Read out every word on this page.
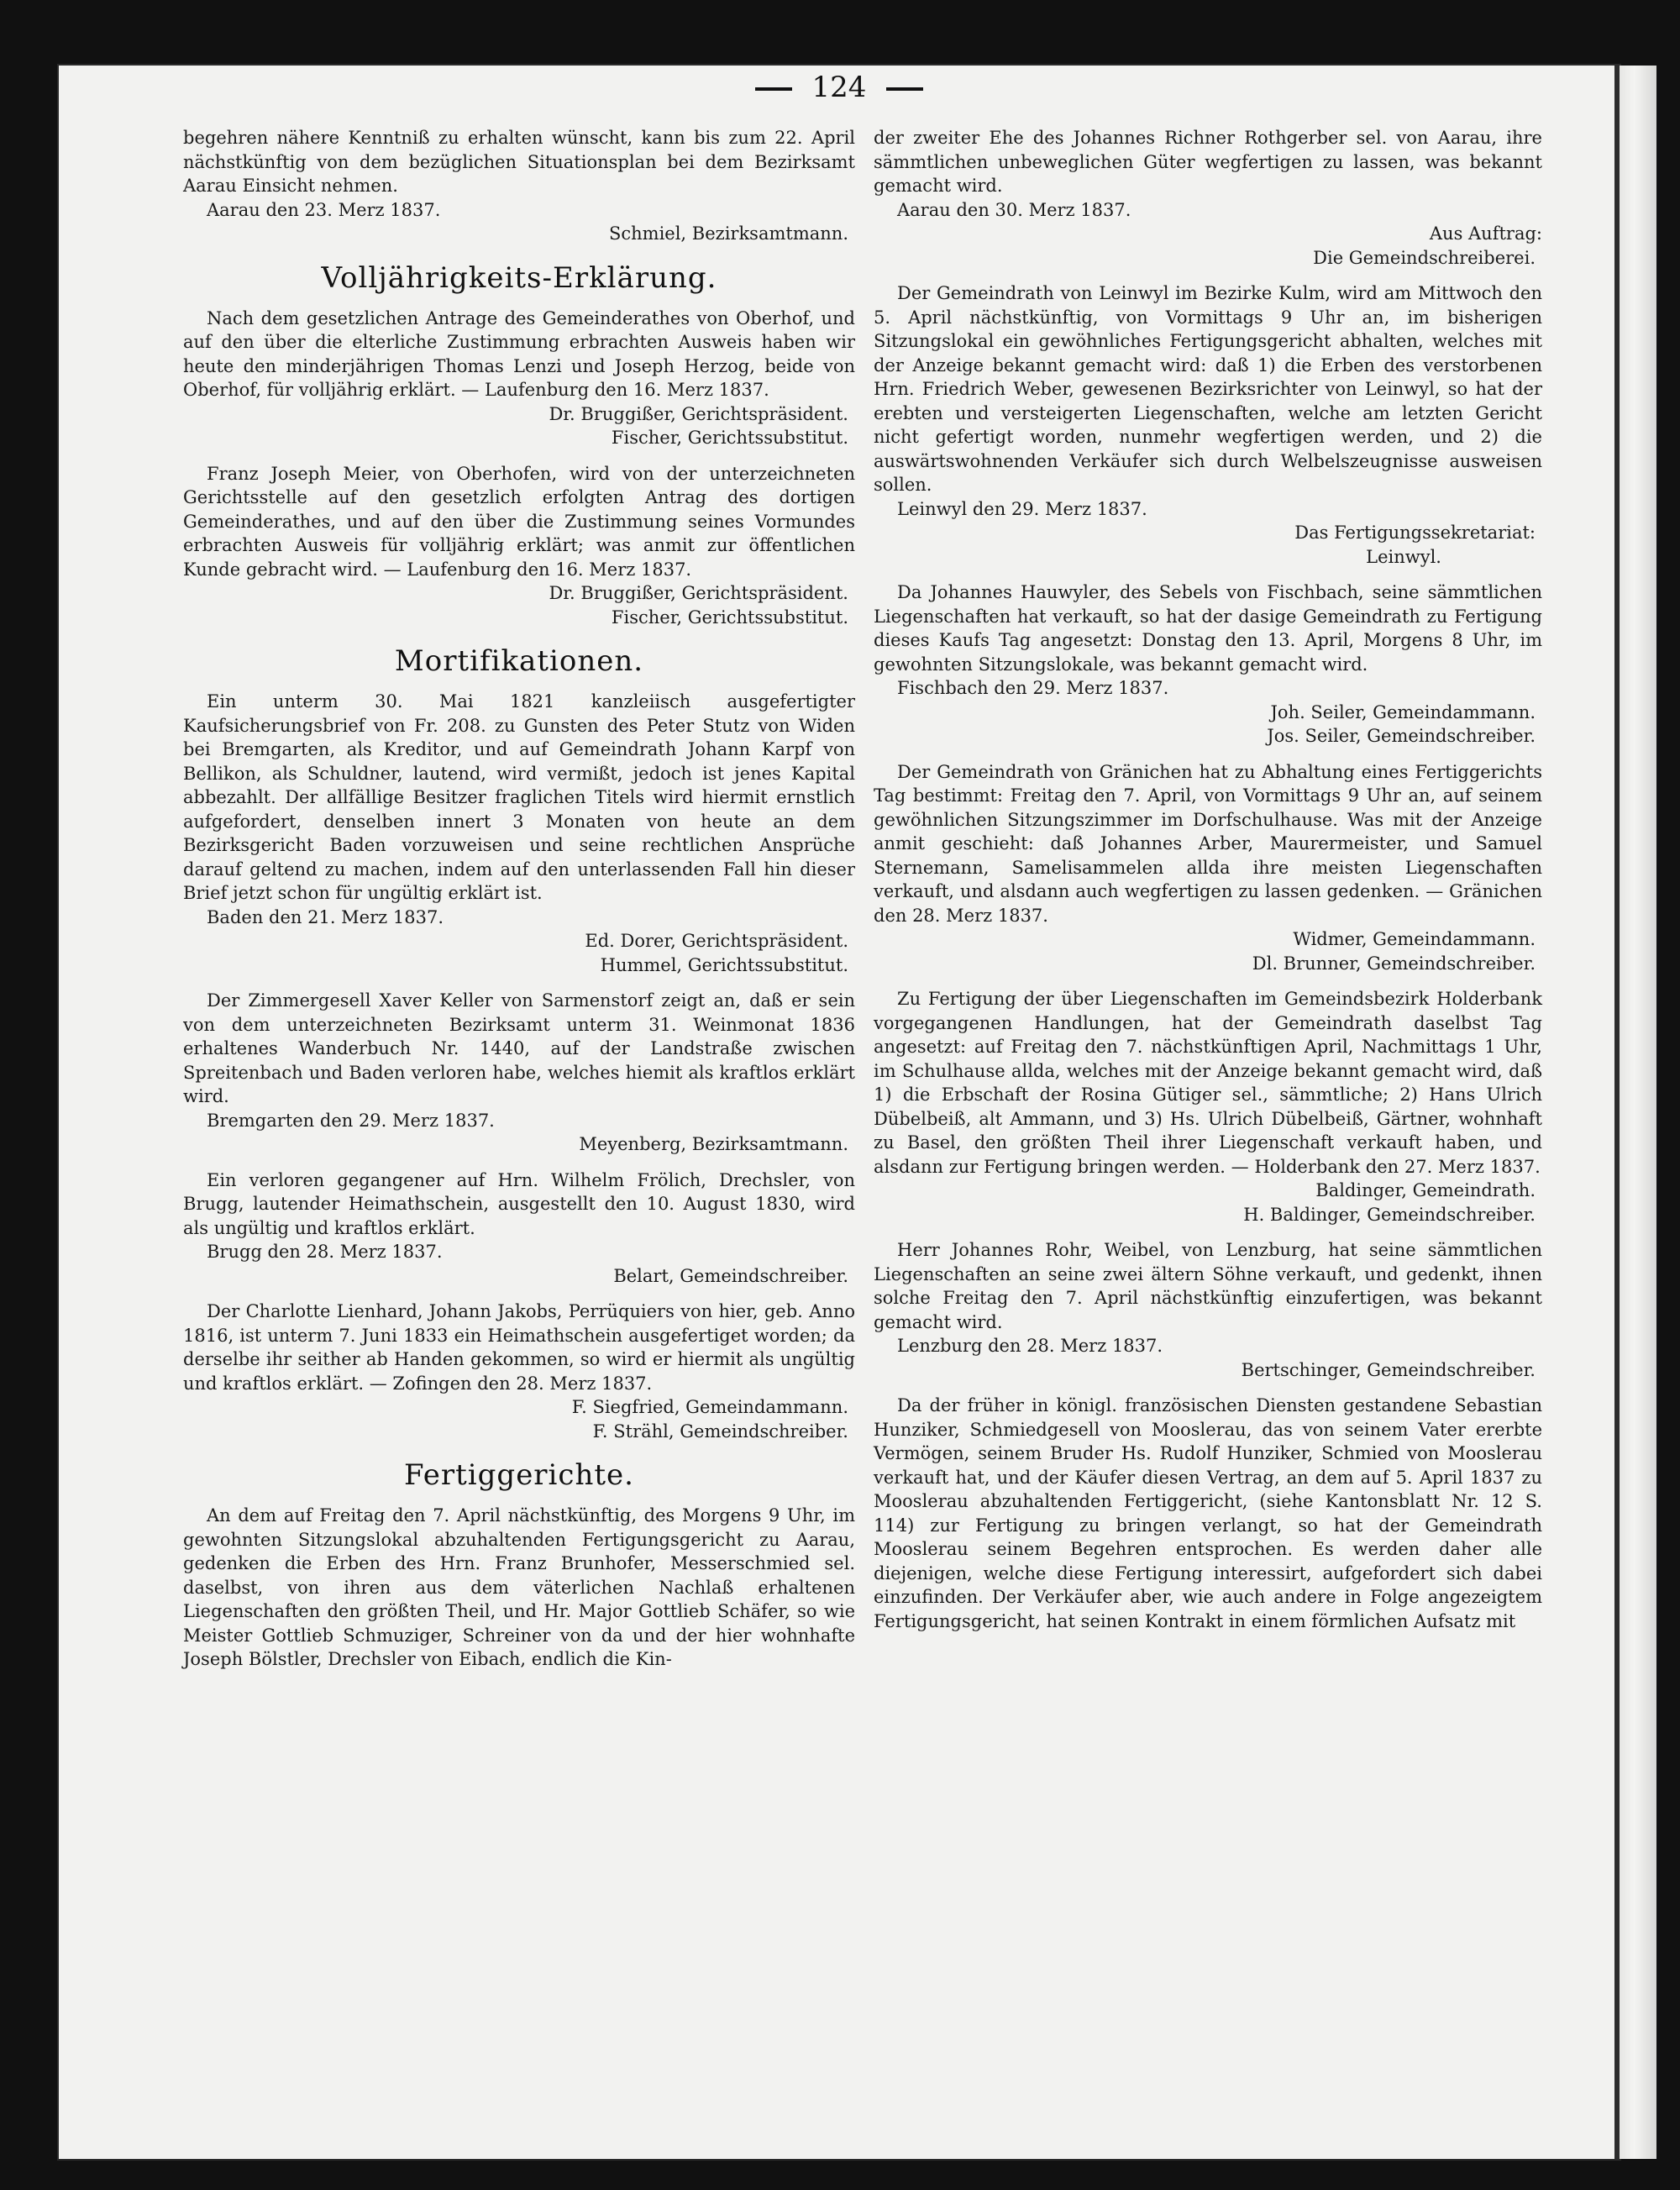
124

begehren nähere Kenntniß zu erhalten wünscht, kann bis zum 22. April nächstkünftig von dem bezüglichen Situationsplan bei dem Bezirksamt Aarau Einsicht nehmen.

Aarau den 23. Merz 1837.

Schmiel, Bezirksamtmann.

Volljährigkeits-Erklärung.

Nach dem gesetzlichen Antrage des Gemeinderathes von Oberhof, und auf den über die elterliche Zustimmung erbrachten Ausweis haben wir heute den minderjährigen Thomas Lenzi und Joseph Herzog, beide von Oberhof, für volljährig erklärt. — Laufenburg den 16. Merz 1837.

Dr. Bruggißer, Gerichtspräsident.

Fischer, Gerichtssubstitut.

Franz Joseph Meier, von Oberhofen, wird von der unterzeichneten Gerichtsstelle auf den gesetzlich erfolgten Antrag des dortigen Gemeinderathes, und auf den über die Zustimmung seines Vormundes erbrachten Ausweis für volljährig erklärt; was anmit zur öffentlichen Kunde gebracht wird. — Laufenburg den 16. Merz 1837.

Dr. Bruggißer, Gerichtspräsident.

Fischer, Gerichtssubstitut.

Mortifikationen.

Ein unterm 30. Mai 1821 kanzleiisch ausgefertigter Kaufsicherungsbrief von Fr. 208. zu Gunsten des Peter Stutz von Widen bei Bremgarten, als Kreditor, und auf Gemeindrath Johann Karpf von Bellikon, als Schuldner, lautend, wird vermißt, jedoch ist jenes Kapital abbezahlt. Der allfällige Besitzer fraglichen Titels wird hiermit ernstlich aufgefordert, denselben innert 3 Monaten von heute an dem Bezirksgericht Baden vorzuweisen und seine rechtlichen Ansprüche darauf geltend zu machen, indem auf den unterlassenden Fall hin dieser Brief jetzt schon für ungültig erklärt ist.

Baden den 21. Merz 1837.

Ed. Dorer, Gerichtspräsident.

Hummel, Gerichtssubstitut.

Der Zimmergesell Xaver Keller von Sarmenstorf zeigt an, daß er sein von dem unterzeichneten Bezirksamt unterm 31. Weinmonat 1836 erhaltenes Wanderbuch Nr. 1440, auf der Landstraße zwischen Spreitenbach und Baden verloren habe, welches hiemit als kraftlos erklärt wird.

Bremgarten den 29. Merz 1837.

Meyenberg, Bezirksamtmann.

Ein verloren gegangener auf Hrn. Wilhelm Frölich, Drechsler, von Brugg, lautender Heimathschein, ausgestellt den 10. August 1830, wird als ungültig und kraftlos erklärt.

Brugg den 28. Merz 1837.

Belart, Gemeindschreiber.

Der Charlotte Lienhard, Johann Jakobs, Perrüquiers von hier, geb. Anno 1816, ist unterm 7. Juni 1833 ein Heimathschein ausgefertiget worden; da derselbe ihr seither ab Handen gekommen, so wird er hiermit als ungültig und kraftlos erklärt. — Zofingen den 28. Merz 1837.

F. Siegfried, Gemeindammann.

F. Strähl, Gemeindschreiber.

Fertiggerichte.

An dem auf Freitag den 7. April nächstkünftig, des Morgens 9 Uhr, im gewohnten Sitzungslokal abzuhaltenden Fertigungsgericht zu Aarau, gedenken die Erben des Hrn. Franz Brunhofer, Messerschmied sel. daselbst, von ihren aus dem väterlichen Nachlaß erhaltenen Liegenschaften den größten Theil, und Hr. Major Gottlieb Schäfer, so wie Meister Gottlieb Schmuziger, Schreiner von da und der hier wohnhafte Joseph Bölstler, Drechsler von Eibach, endlich die Kin-

der zweiter Ehe des Johannes Richner Rothgerber sel. von Aarau, ihre sämmtlichen unbeweglichen Güter wegfertigen zu lassen, was bekannt gemacht wird.

Aarau den 30. Merz 1837.

Aus Auftrag:

Die Gemeindschreiberei.

Der Gemeindrath von Leinwyl im Bezirke Kulm, wird am Mittwoch den 5. April nächstkünftig, von Vormittags 9 Uhr an, im bisherigen Sitzungslokal ein gewöhnliches Fertigungsgericht abhalten, welches mit der Anzeige bekannt gemacht wird: daß 1) die Erben des verstorbenen Hrn. Friedrich Weber, gewesenen Bezirksrichter von Leinwyl, so hat der erebten und versteigerten Liegenschaften, welche am letzten Gericht nicht gefertigt worden, nunmehr wegfertigen werden, und 2) die auswärtswohnenden Verkäufer sich durch Welbelszeugnisse ausweisen sollen.

Leinwyl den 29. Merz 1837.

Das Fertigungssekretariat:

Leinwyl.

Da Johannes Hauwyler, des Sebels von Fischbach, seine sämmtlichen Liegenschaften hat verkauft, so hat der dasige Gemeindrath zu Fertigung dieses Kaufs Tag angesetzt: Donstag den 13. April, Morgens 8 Uhr, im gewohnten Sitzungslokale, was bekannt gemacht wird.

Fischbach den 29. Merz 1837.

Joh. Seiler, Gemeindammann.

Jos. Seiler, Gemeindschreiber.

Der Gemeindrath von Gränichen hat zu Abhaltung eines Fertiggerichts Tag bestimmt: Freitag den 7. April, von Vormittags 9 Uhr an, auf seinem gewöhnlichen Sitzungszimmer im Dorfschulhause. Was mit der Anzeige anmit geschieht: daß Johannes Arber, Maurermeister, und Samuel Sternemann, Samelisammelen allda ihre meisten Liegenschaften verkauft, und alsdann auch wegfertigen zu lassen gedenken. — Gränichen den 28. Merz 1837.

Widmer, Gemeindammann.

Dl. Brunner, Gemeindschreiber.

Zu Fertigung der über Liegenschaften im Gemeindsbezirk Holderbank vorgegangenen Handlungen, hat der Gemeindrath daselbst Tag angesetzt: auf Freitag den 7. nächstkünftigen April, Nachmittags 1 Uhr, im Schulhause allda, welches mit der Anzeige bekannt gemacht wird, daß 1) die Erbschaft der Rosina Gütiger sel., sämmtliche; 2) Hans Ulrich Dübelbeiß, alt Ammann, und 3) Hs. Ulrich Dübelbeiß, Gärtner, wohnhaft zu Basel, den größten Theil ihrer Liegenschaft verkauft haben, und alsdann zur Fertigung bringen werden. — Holderbank den 27. Merz 1837.

Baldinger, Gemeindrath.

H. Baldinger, Gemeindschreiber.

Herr Johannes Rohr, Weibel, von Lenzburg, hat seine sämmtlichen Liegenschaften an seine zwei ältern Söhne verkauft, und gedenkt, ihnen solche Freitag den 7. April nächstkünftig einzufertigen, was bekannt gemacht wird.

Lenzburg den 28. Merz 1837.

Bertschinger, Gemeindschreiber.

Da der früher in königl. französischen Diensten gestandene Sebastian Hunziker, Schmiedgesell von Mooslerau, das von seinem Vater ererbte Vermögen, seinem Bruder Hs. Rudolf Hunziker, Schmied von Mooslerau verkauft hat, und der Käufer diesen Vertrag, an dem auf 5. April 1837 zu Mooslerau abzuhaltenden Fertiggericht, (siehe Kantonsblatt Nr. 12 S. 114) zur Fertigung zu bringen verlangt, so hat der Gemeindrath Mooslerau seinem Begehren entsprochen. Es werden daher alle diejenigen, welche diese Fertigung interessirt, aufgefordert sich dabei einzufinden. Der Verkäufer aber, wie auch andere in Folge angezeigtem Fertigungsgericht, hat seinen Kontrakt in einem förmlichen Aufsatz mit
